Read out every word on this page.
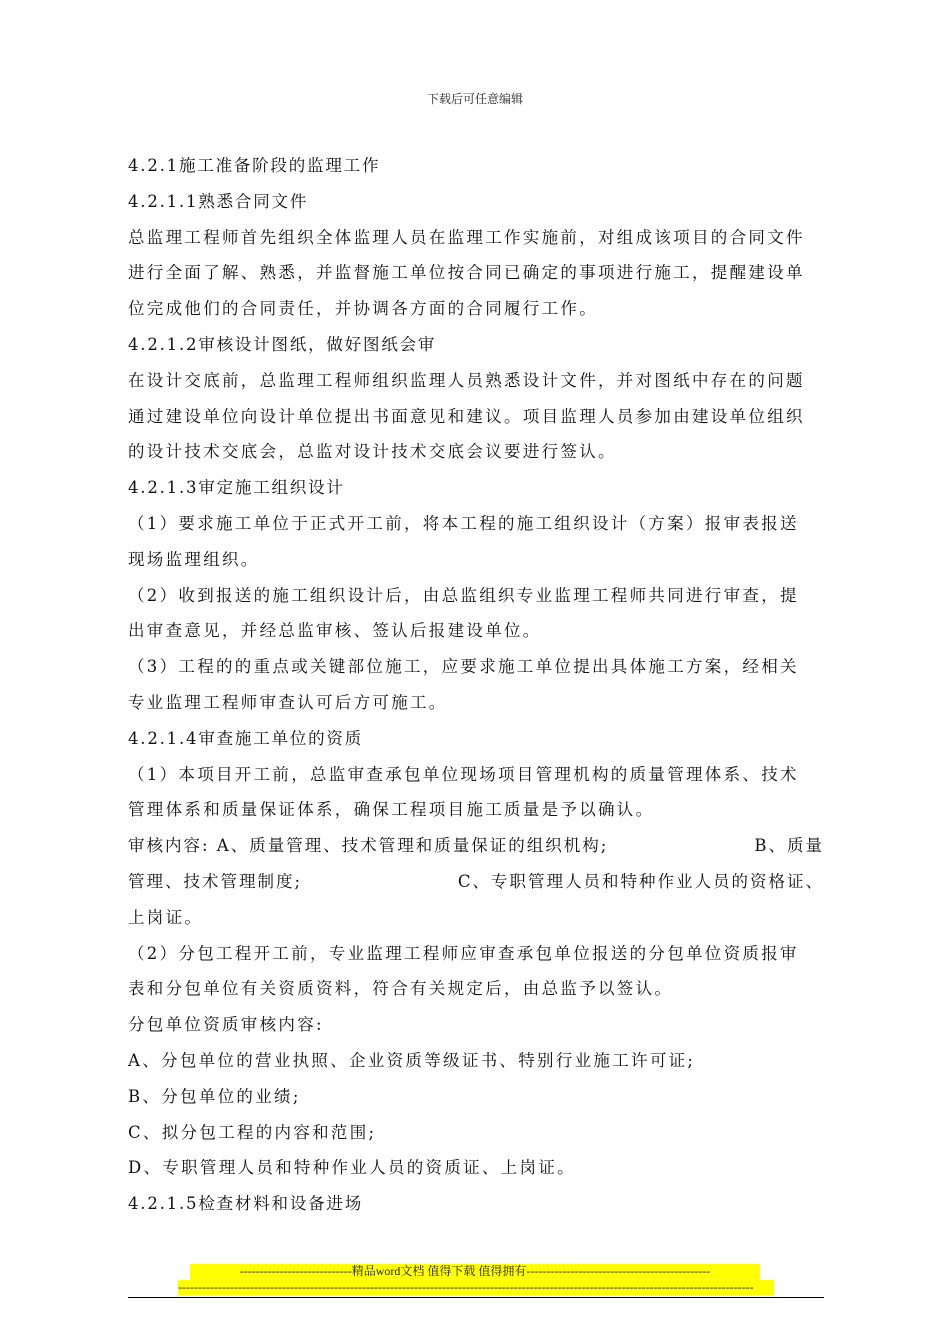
下载后可任意编辑
4.2.1施工准备阶段的监理工作
4.2.1.1熟悉合同文件
总监理工程师首先组织全体监理人员在监理工作实施前，对组成该项目的合同文件
进行全面了解、熟悉，并监督施工单位按合同已确定的事项进行施工，提醒建设单
位完成他们的合同责任，并协调各方面的合同履行工作。
4.2.1.2审核设计图纸，做好图纸会审
在设计交底前，总监理工程师组织监理人员熟悉设计文件，并对图纸中存在的问题
通过建设单位向设计单位提出书面意见和建议。项目监理人员参加由建设单位组织
的设计技术交底会，总监对设计技术交底会议要进行签认。
4.2.1.3审定施工组织设计
（1）要求施工单位于正式开工前，将本工程的施工组织设计（方案）报审表报送
现场监理组织。
（2）收到报送的施工组织设计后，由总监组织专业监理工程师共同进行审查，提
出审查意见，并经总监审核、签认后报建设单位。
（3）工程的的重点或关键部位施工，应要求施工单位提出具体施工方案，经相关
专业监理工程师审查认可后方可施工。
4.2.1.4审查施工单位的资质
（1）本项目开工前，总监审查承包单位现场项目管理机构的质量管理体系、技术
管理体系和质量保证体系，确保工程项目施工质量是予以确认。
审核内容: A、质量管理、技术管理和质量保证的组织机构;	B、质量
管理、技术管理制度;	C、专职管理人员和特种作业人员的资格证、
上岗证。
（2）分包工程开工前，专业监理工程师应审查承包单位报送的分包单位资质报审
表和分包单位有关资质资料，符合有关规定后，由总监予以签认。
分包单位资质审核内容:
A、分包单位的营业执照、企业资质等级证书、特别行业施工许可证;
B、分包单位的业绩;
C、拟分包工程的内容和范围;
D、专职管理人员和特种作业人员的资质证、上岗证。
4.2.1.5检查材料和设备进场
----------------------------精品word文档 值得下载 值得拥有----------------------------------------------
------------------------------------------------------------------------------------------------------------------------------------------------
